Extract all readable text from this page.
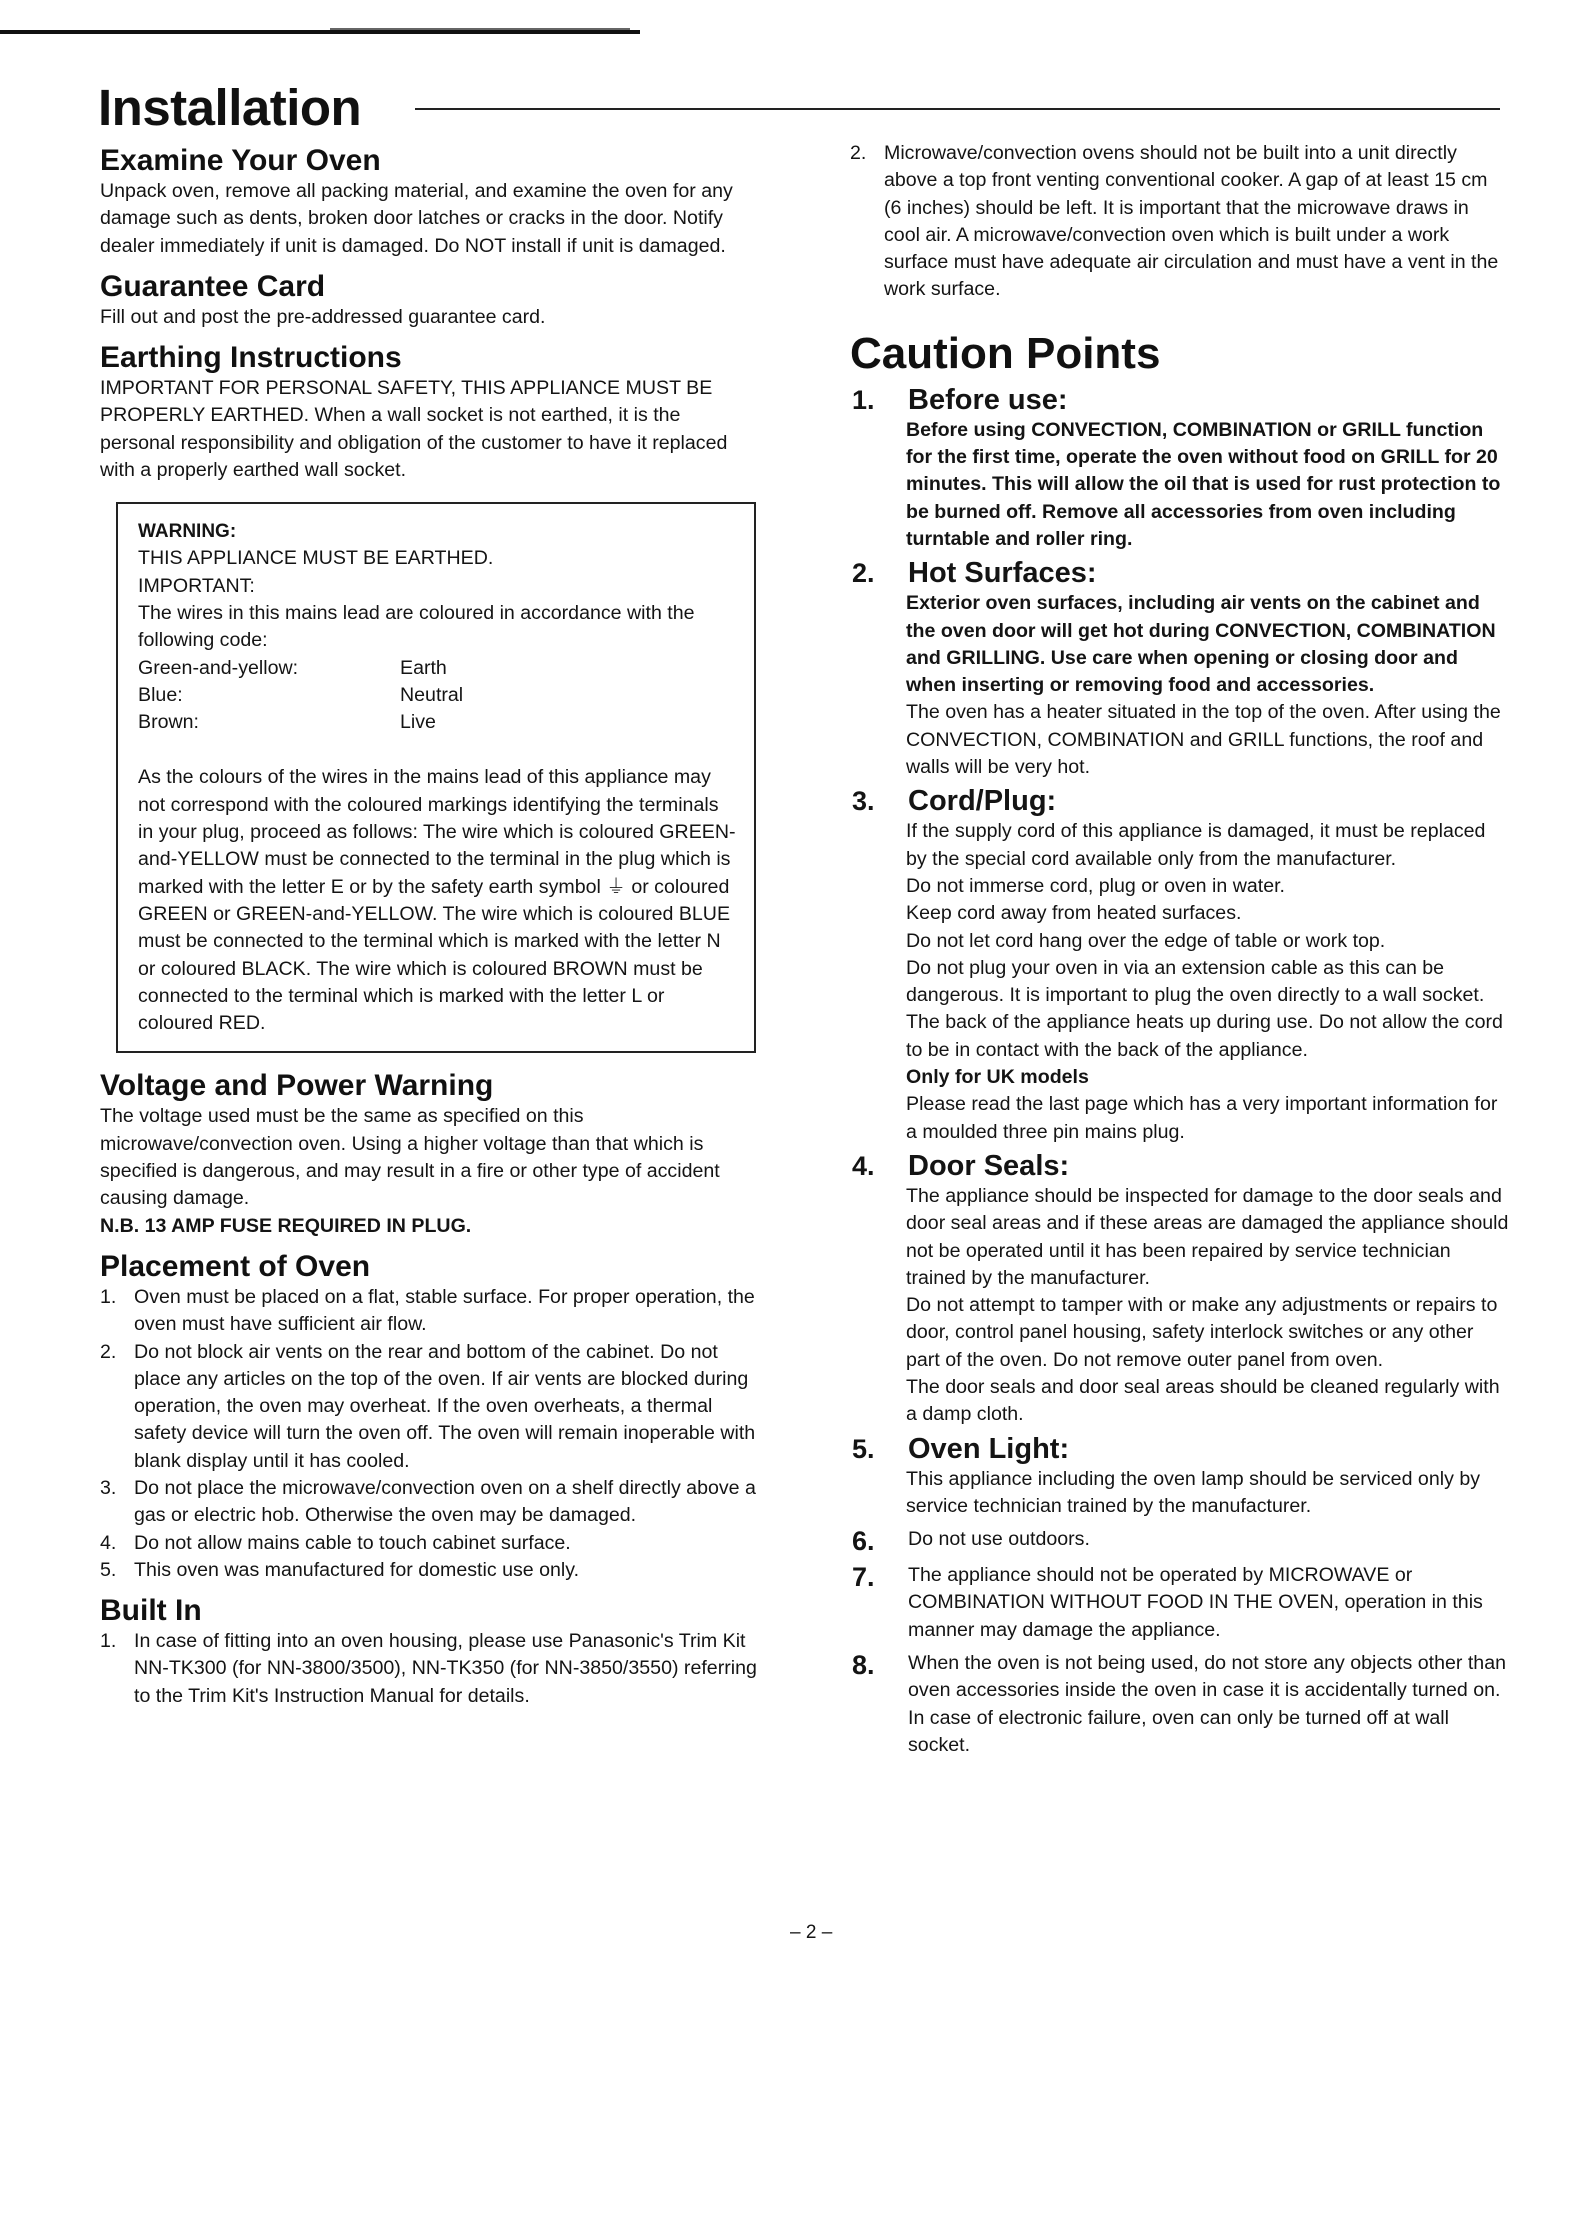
Installation
Examine Your Oven

Unpack oven, remove all packing material, and examine the oven for any damage such as dents, broken door latches or cracks in the door. Notify dealer immediately if unit is damaged. Do NOT install if unit is damaged.

Guarantee Card

Fill out and post the pre-addressed guarantee card.

Earthing Instructions

IMPORTANT FOR PERSONAL SAFETY, THIS APPLIANCE MUST BE PROPERLY EARTHED. When a wall socket is not earthed, it is the personal responsibility and obligation of the customer to have it replaced with a properly earthed wall socket.

WARNING:

THIS APPLIANCE MUST BE EARTHED.

IMPORTANT:

The wires in this mains lead are coloured in accordance with the following code:

Green-and-yellow:	Earth
Blue:	Neutral
Brown:	Live

As the colours of the wires in the mains lead of this appliance may not correspond with the coloured markings identifying the terminals in your plug, proceed as follows: The wire which is coloured GREEN-and-YELLOW must be connected to the terminal in the plug which is marked with the letter E or by the safety earth symbol ⏚ or coloured GREEN or GREEN-and-YELLOW. The wire which is coloured BLUE must be connected to the terminal which is marked with the letter N or coloured BLACK. The wire which is coloured BROWN must be connected to the terminal which is marked with the letter L or coloured RED.

Voltage and Power Warning

The voltage used must be the same as specified on this microwave/convection oven. Using a higher voltage than that which is specified is dangerous, and may result in a fire or other type of accident causing damage.

N.B. 13 AMP FUSE REQUIRED IN PLUG.

Placement of Oven
1. Oven must be placed on a flat, stable surface. For proper operation, the oven must have sufficient air flow.
2. Do not block air vents on the rear and bottom of the cabinet. Do not place any articles on the top of the oven. If air vents are blocked during operation, the oven may overheat. If the oven overheats, a thermal safety device will turn the oven off. The oven will remain inoperable with blank display until it has cooled.
3. Do not place the microwave/convection oven on a shelf directly above a gas or electric hob. Otherwise the oven may be damaged.
4. Do not allow mains cable to touch cabinet surface.
5. This oven was manufactured for domestic use only.
Built In
1. In case of fitting into an oven housing, please use Panasonic's Trim Kit NN-TK300 (for NN-3800/3500), NN-TK350 (for NN-3850/3550) referring to the Trim Kit's Instruction Manual for details.
2. Microwave/convection ovens should not be built into a unit directly above a top front venting conventional cooker. A gap of at least 15 cm (6 inches) should be left. It is important that the microwave draws in cool air. A microwave/convection oven which is built under a work surface must have adequate air circulation and must have a vent in the work surface.
Caution Points
1.	Before use:

Before using CONVECTION, COMBINATION or GRILL function for the first time, operate the oven without food on GRILL for 20 minutes. This will allow the oil that is used for rust protection to be burned off. Remove all accessories from oven including turntable and roller ring.

2.	Hot Surfaces:

Exterior oven surfaces, including air vents on the cabinet and the oven door will get hot during CONVECTION, COMBINATION and GRILLING. Use care when opening or closing door and when inserting or removing food and accessories.

The oven has a heater situated in the top of the oven. After using the CONVECTION, COMBINATION and GRILL functions, the roof and walls will be very hot.

3.	Cord/Plug:

If the supply cord of this appliance is damaged, it must be replaced by the special cord available only from the manufacturer.

Do not immerse cord, plug or oven in water.

Keep cord away from heated surfaces.

Do not let cord hang over the edge of table or work top.

Do not plug your oven in via an extension cable as this can be dangerous. It is important to plug the oven directly to a wall socket.

The back of the appliance heats up during use. Do not allow the cord to be in contact with the back of the appliance.

Only for UK models

Please read the last page which has a very important information for a moulded three pin mains plug.

4.	Door Seals:

The appliance should be inspected for damage to the door seals and door seal areas and if these areas are damaged the appliance should not be operated until it has been repaired by service technician trained by the manufacturer.

Do not attempt to tamper with or make any adjustments or repairs to door, control panel housing, safety interlock switches or any other part of the oven. Do not remove outer panel from oven.

The door seals and door seal areas should be cleaned regularly with a damp cloth.

5.	Oven Light:

This appliance including the oven lamp should be serviced only by service technician trained by the manufacturer.

6.	Do not use outdoors.
7.	The appliance should not be operated by MICROWAVE or COMBINATION WITHOUT FOOD IN THE OVEN, operation in this manner may damage the appliance.
8.	When the oven is not being used, do not store any objects other than oven accessories inside the oven in case it is accidentally turned on. In case of electronic failure, oven can only be turned off at wall socket.
– 2 –
